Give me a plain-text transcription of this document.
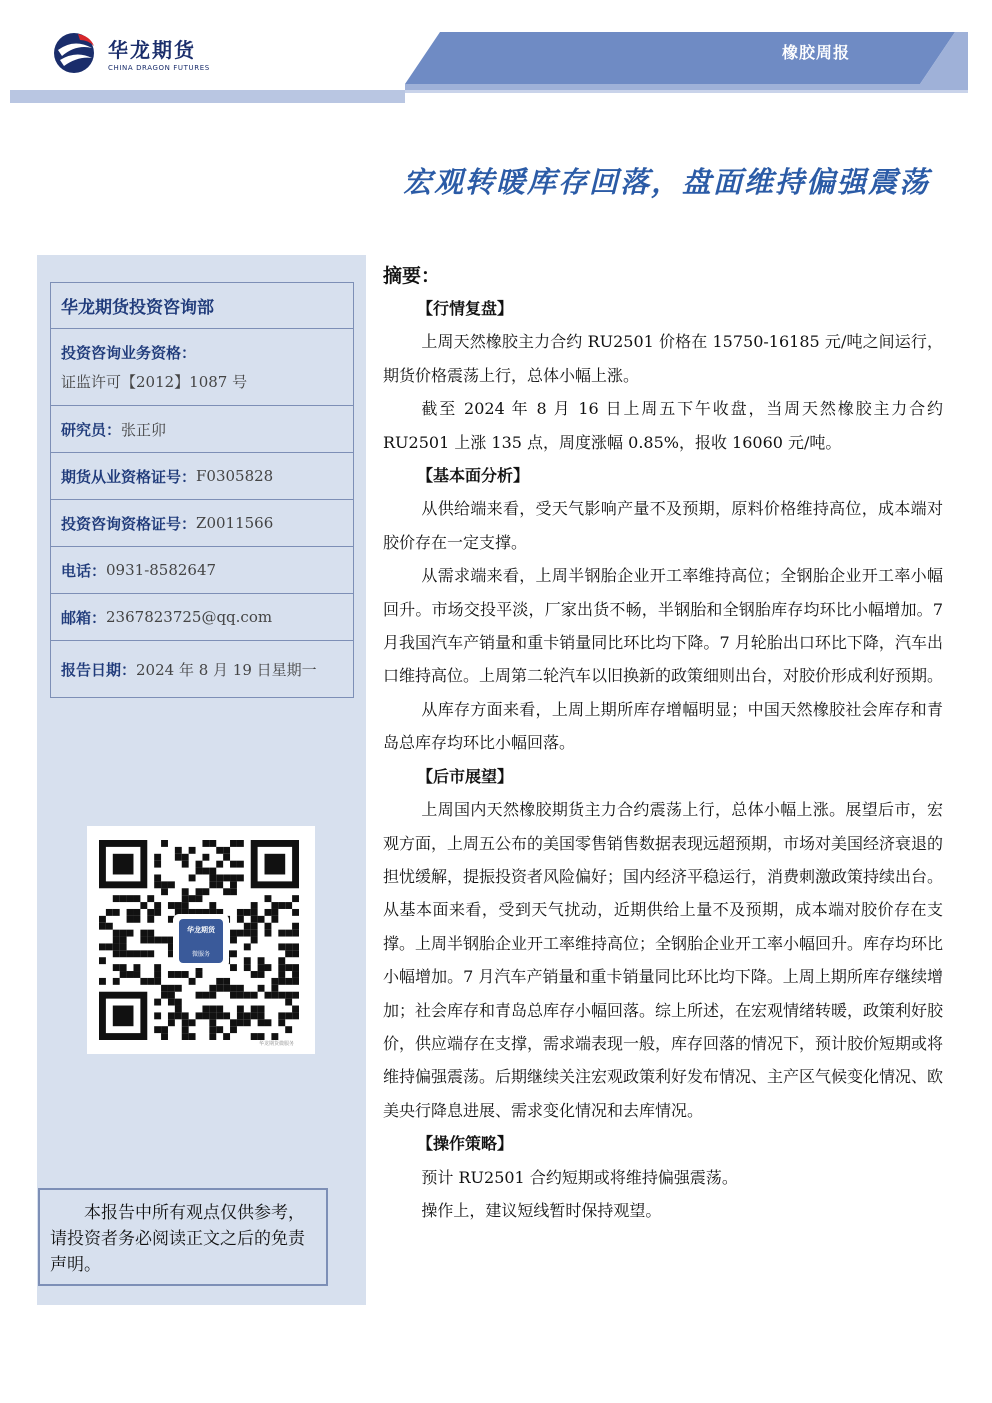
华龙期货
CHINA DRAGON FUTURES
橡胶周报
宏观转暖库存回落，盘面维持偏强震荡
华龙期货投资咨询部
投资咨询业务资格：
证监许可【2012】1087 号
研究员： 张正卯
期货从业资格证号： F0305828
投资咨询资格证号： Z0011566
电话： 0931-8582647
邮箱： 2367823725@qq.com
报告日期： 2024 年 8 月 19 日星期一
华龙期货
微服务
华龙期货微服务
本报告中所有观点仅供参考，请投资者务必阅读正文之后的免责声明。
摘要：
【行情复盘】

上周天然橡胶主力合约 RU2501 价格在 15750-16185 元/吨之间运行，期货价格震荡上行，总体小幅上涨。

截至 2024 年 8 月 16 日上周五下午收盘，当周天然橡胶主力合约 RU2501 上涨 135 点，周度涨幅 0.85%，报收 16060 元/吨。

【基本面分析】

从供给端来看，受天气影响产量不及预期，原料价格维持高位，成本端对胶价存在一定支撑。

从需求端来看，上周半钢胎企业开工率维持高位；全钢胎企业开工率小幅回升。市场交投平淡，厂家出货不畅，半钢胎和全钢胎库存均环比小幅增加。7 月我国汽车产销量和重卡销量同比环比均下降。7 月轮胎出口环比下降，汽车出口维持高位。上周第二轮汽车以旧换新的政策细则出台，对胶价形成利好预期。

从库存方面来看，上周上期所库存增幅明显；中国天然橡胶社会库存和青岛总库存均环比小幅回落。

【后市展望】

上周国内天然橡胶期货主力合约震荡上行，总体小幅上涨。展望后市，宏观方面，上周五公布的美国零售销售数据表现远超预期，市场对美国经济衰退的担忧缓解，提振投资者风险偏好；国内经济平稳运行，消费刺激政策持续出台。从基本面来看，受到天气扰动，近期供给上量不及预期，成本端对胶价存在支撑。上周半钢胎企业开工率维持高位；全钢胎企业开工率小幅回升。库存均环比小幅增加。7 月汽车产销量和重卡销量同比环比均下降。上周上期所库存继续增加；社会库存和青岛总库存小幅回落。综上所述，在宏观情绪转暖，政策利好胶价，供应端存在支撑，需求端表现一般，库存回落的情况下，预计胶价短期或将维持偏强震荡。后期继续关注宏观政策利好发布情况、主产区气候变化情况、欧美央行降息进展、需求变化情况和去库情况。

【操作策略】

预计 RU2501 合约短期或将维持偏强震荡。

操作上，建议短线暂时保持观望。
